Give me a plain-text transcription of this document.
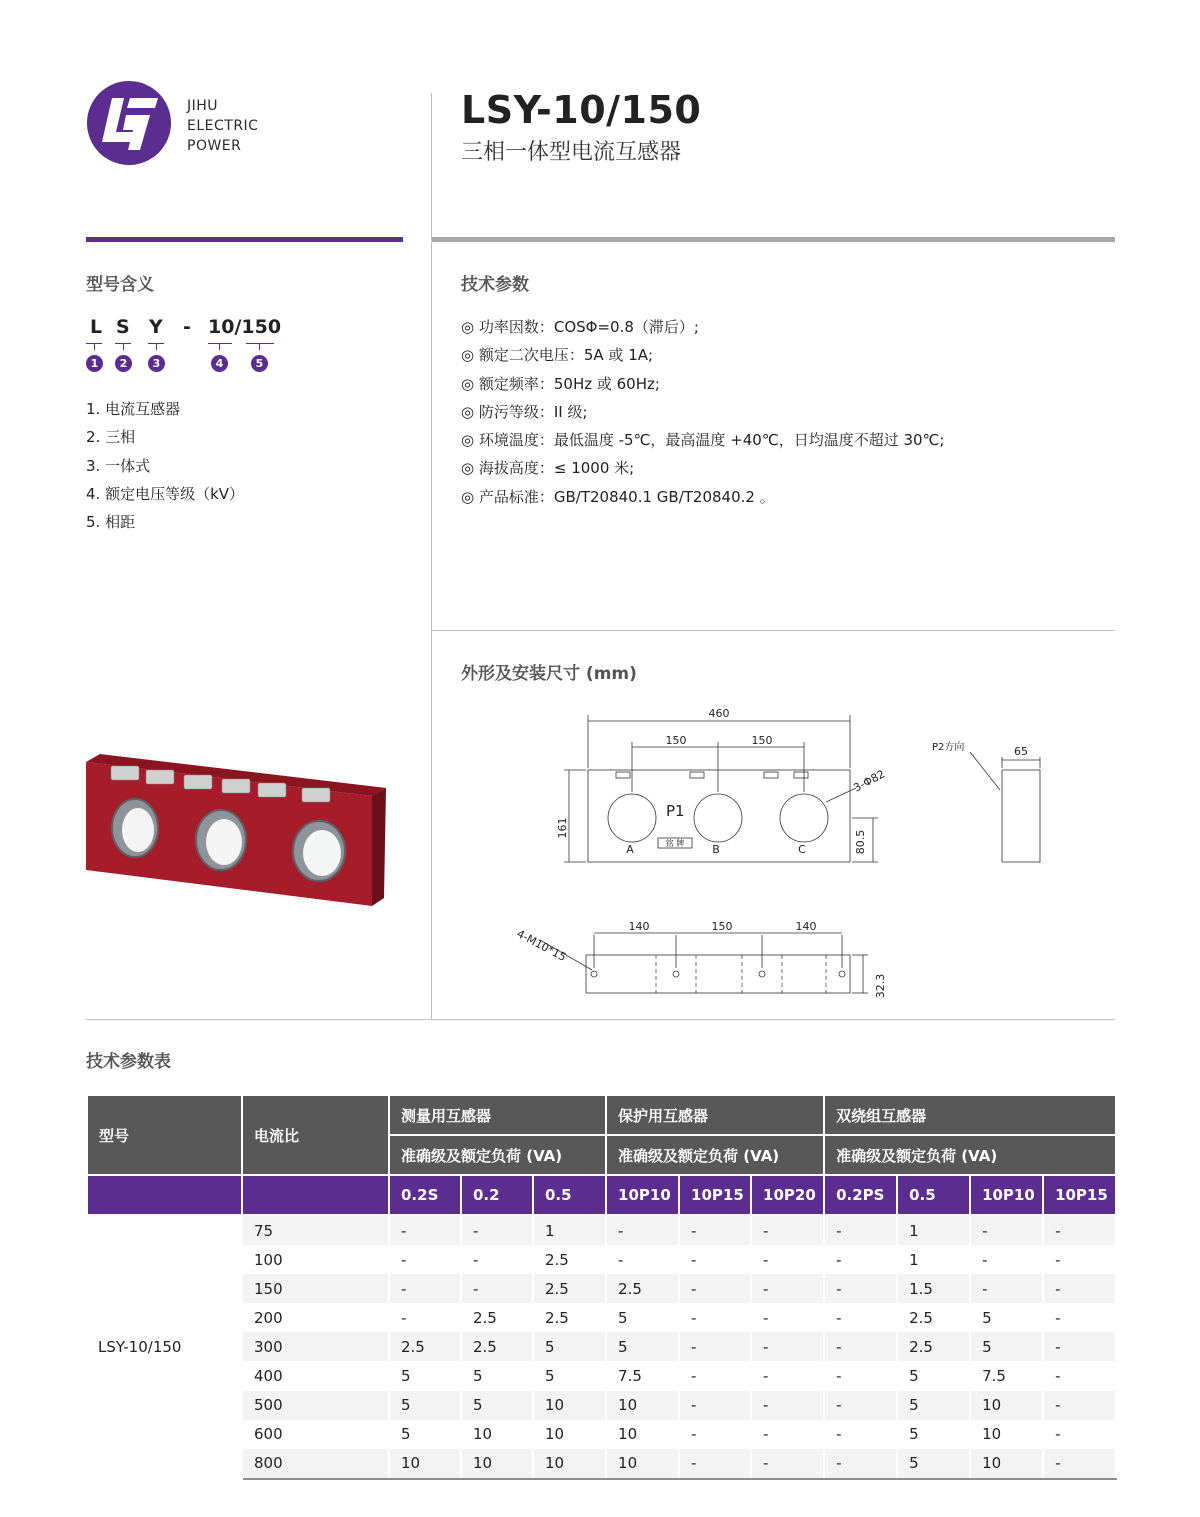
JIHU
ELECTRIC
POWER
LSY-10/150
三相一体型电流互感器
型号含义
L S Y - 10/150
1	2	3	4	5
1. 电流互感器
2. 三相
3. 一体式
4. 额定电压等级（kV）
5. 相距
技术参数
◎ 功率因数：COSΦ=0.8（滞后）;
◎ 额定二次电压：5A 或 1A;
◎ 额定频率：50Hz 或 60Hz;
◎ 防污等级：II 级;
◎ 环境温度：最低温度 -5℃，最高温度 +40℃，日均温度不超过 30℃;
◎ 海拔高度：≤ 1000 米;
◎ 产品标准：GB/T20840.1 GB/T20840.2 。
外形及安装尺寸 (mm)
460
150	150
65
140	150	140
A	B	C
铭 牌
P1
P2方向
161
80.5
32.3
3-Φ82
4-M10*15
技术参数表
型号	电流比	测量用互感器			保护用互感器			双绕组互感器			
		准确级及额定负荷 (VA)			准确级及额定负荷 (VA)			准确级及额定负荷 (VA)			
		0.2S	0.2	0.5	10P10	10P15	10P20	0.2PS	0.5	10P10	10P15
LSY-10/150	75	-	-	1	-	-	-	-	1	-	-
	100	-	-	2.5	-	-	-	-	1	-	-
	150	-	-	2.5	2.5	-	-	-	1.5	-	-
	200	-	2.5	2.5	5	-	-	-	2.5	5	-
	300	2.5	2.5	5	5	-	-	-	2.5	5	-
	400	5	5	5	7.5	-	-	-	5	7.5	-
	500	5	5	10	10	-	-	-	5	10	-
	600	5	10	10	10	-	-	-	5	10	-
	800	10	10	10	10	-	-	-	5	10	-
